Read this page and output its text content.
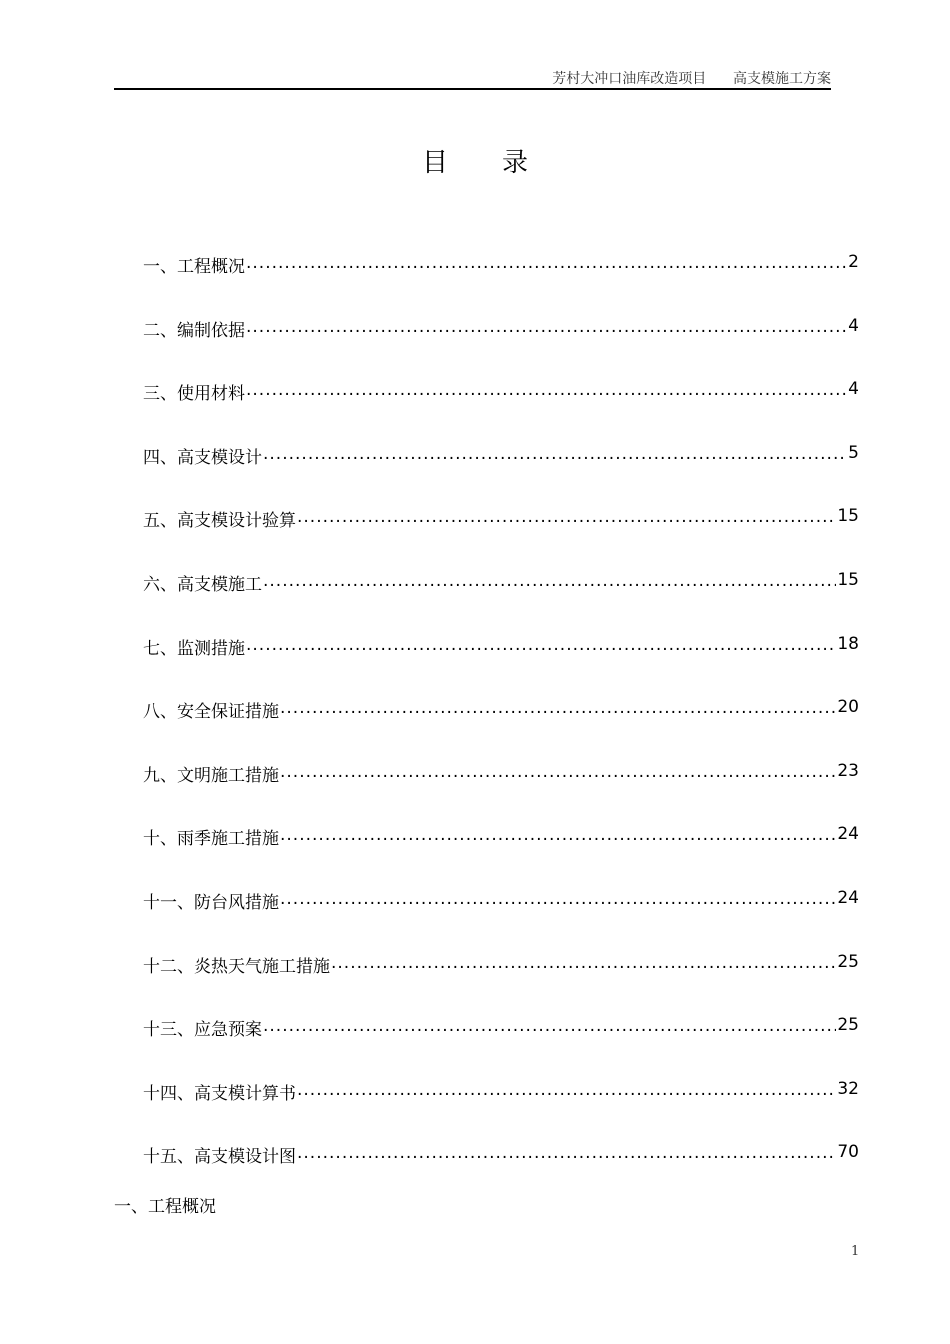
芳村大冲口油库改造项目      高支模施工方案
目录
一、工程概况 .....	2
二、编制依据 .....	4
三、使用材料 .....	4
四、高支模设计 .....	5
五、高支模设计验算 .....	15
六、高支模施工 .....	15
七、监测措施 .....	18
八、安全保证措施 .....	20
九、文明施工措施 .....	23
十、雨季施工措施 .....	24
十一、防台风措施 .....	24
十二、炎热天气施工措施 .....	25
十三、应急预案 .....	25
十四、高支模计算书 .....	32
十五、高支模设计图 .....	70
一、工程概况
1
